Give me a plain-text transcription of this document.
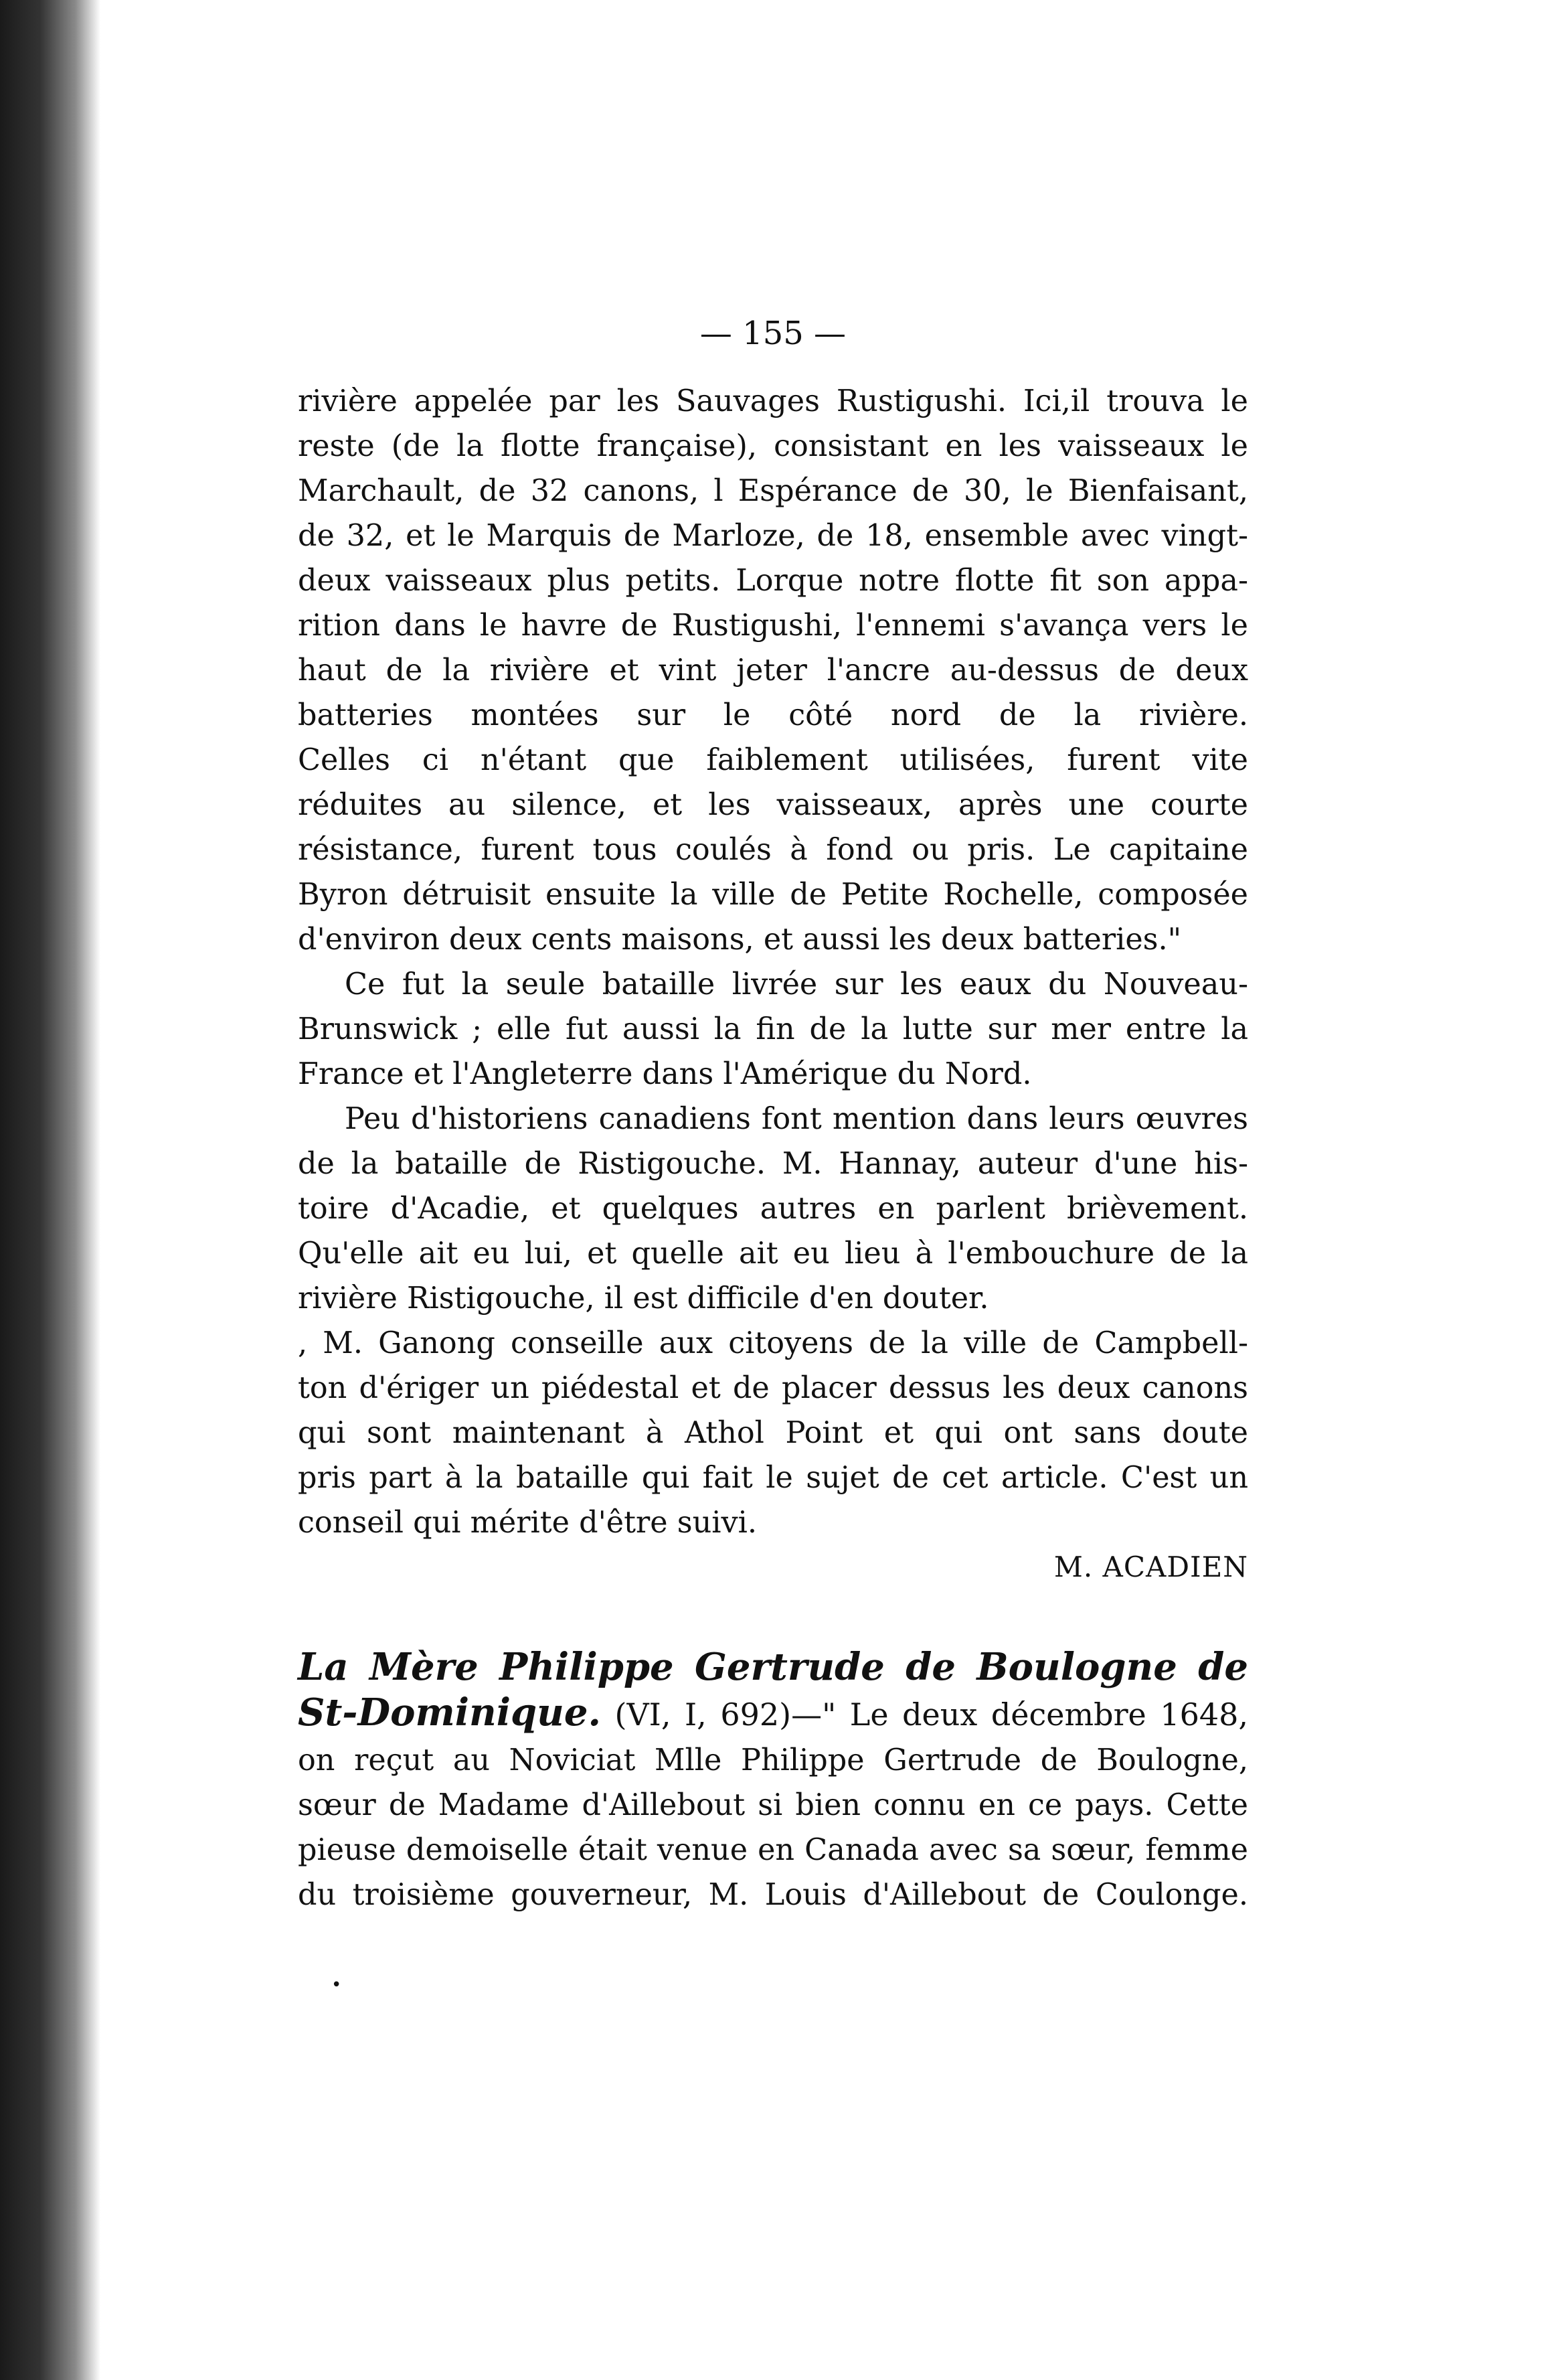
— 155 —

rivière appelée par les Sauvages Rustigushi. Ici,il trouva le
reste (de la flotte française), consistant en les vaisseaux le
Marchault, de 32 canons, l Espérance de 30, le Bienfaisant,
de 32, et le Marquis de Marloze, de 18, ensemble avec vingt-
deux vaisseaux plus petits. Lorque notre flotte fit son appa-
rition dans le havre de Rustigushi, l'ennemi s'avança vers le
haut de la rivière et vint jeter l'ancre au-dessus de deux
batteries montées sur le côté nord de la rivière.
Celles ci n'étant que faiblement utilisées, furent vite
réduites au silence, et les vaisseaux, après une courte
résistance, furent tous coulés à fond ou pris. Le capitaine
Byron détruisit ensuite la ville de Petite Rochelle, composée
d'environ deux cents maisons, et aussi les deux batteries."

Ce fut la seule bataille livrée sur les eaux du Nouveau-
Brunswick ; elle fut aussi la fin de la lutte sur mer entre la
France et l'Angleterre dans l'Amérique du Nord.

Peu d'historiens canadiens font mention dans leurs œuvres
de la bataille de Ristigouche. M. Hannay, auteur d'une his-
toire d'Acadie, et quelques autres en parlent brièvement.
Qu'elle ait eu lui, et quelle ait eu lieu à l'embouchure de la
rivière Ristigouche, il est difficile d'en douter.

, M. Ganong conseille aux citoyens de la ville de Campbell-
ton d'ériger un piédestal et de placer dessus les deux canons
qui sont maintenant à Athol Point et qui ont sans doute
pris part à la bataille qui fait le sujet de cet article. C'est un
conseil qui mérite d'être suivi.

M. ACADIEN
La Mère Philippe Gertrude de Boulogne de

St-Dominique. (VI, I, 692)—" Le deux décembre 1648,
on reçut au Noviciat Mlle Philippe Gertrude de Boulogne,
sœur de Madame d'Aillebout si bien connu en ce pays. Cette
pieuse demoiselle était venue en Canada avec sa sœur, femme
du troisième gouverneur, M. Louis d'Aillebout de Coulonge.

•
